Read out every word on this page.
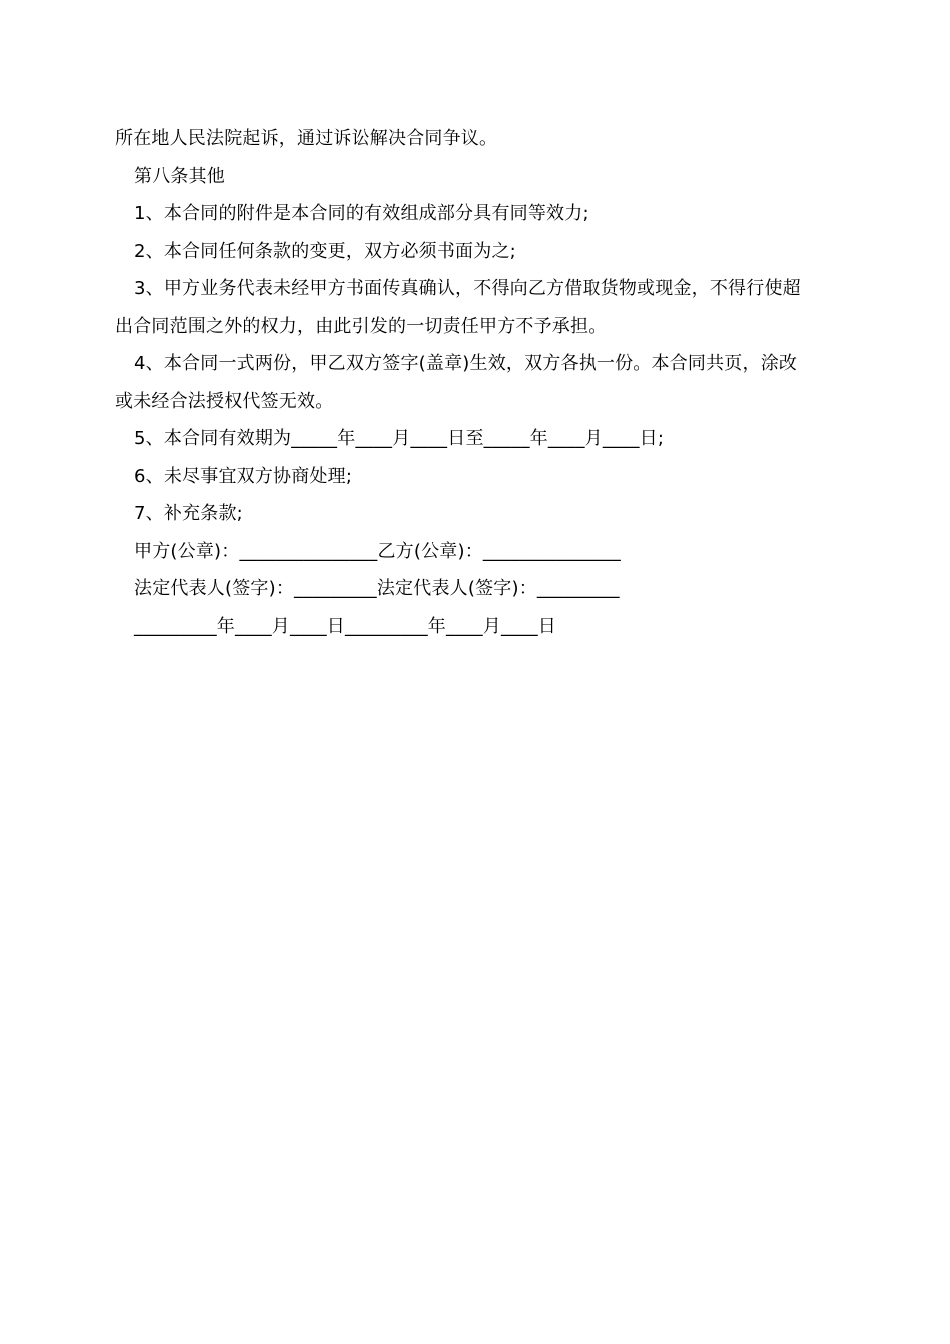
所在地人民法院起诉，通过诉讼解决合同争议。
第八条其他
1、本合同的附件是本合同的有效组成部分具有同等效力;
2、本合同任何条款的变更，双方必须书面为之;
3、甲方业务代表未经甲方书面传真确认，不得向乙方借取货物或现金，不得行使超
出合同范围之外的权力，由此引发的一切责任甲方不予承担。
4、本合同一式两份，甲乙双方签字(盖章)生效，双方各执一份。本合同共页，涂改
或未经合法授权代签无效。
5、本合同有效期为_____年____月____日至_____年____月____日;
6、未尽事宜双方协商处理;
7、补充条款;
甲方(公章)：_______________乙方(公章)：_______________
法定代表人(签字)：_________法定代表人(签字)：_________
_________年____月____日_________年____月____日
